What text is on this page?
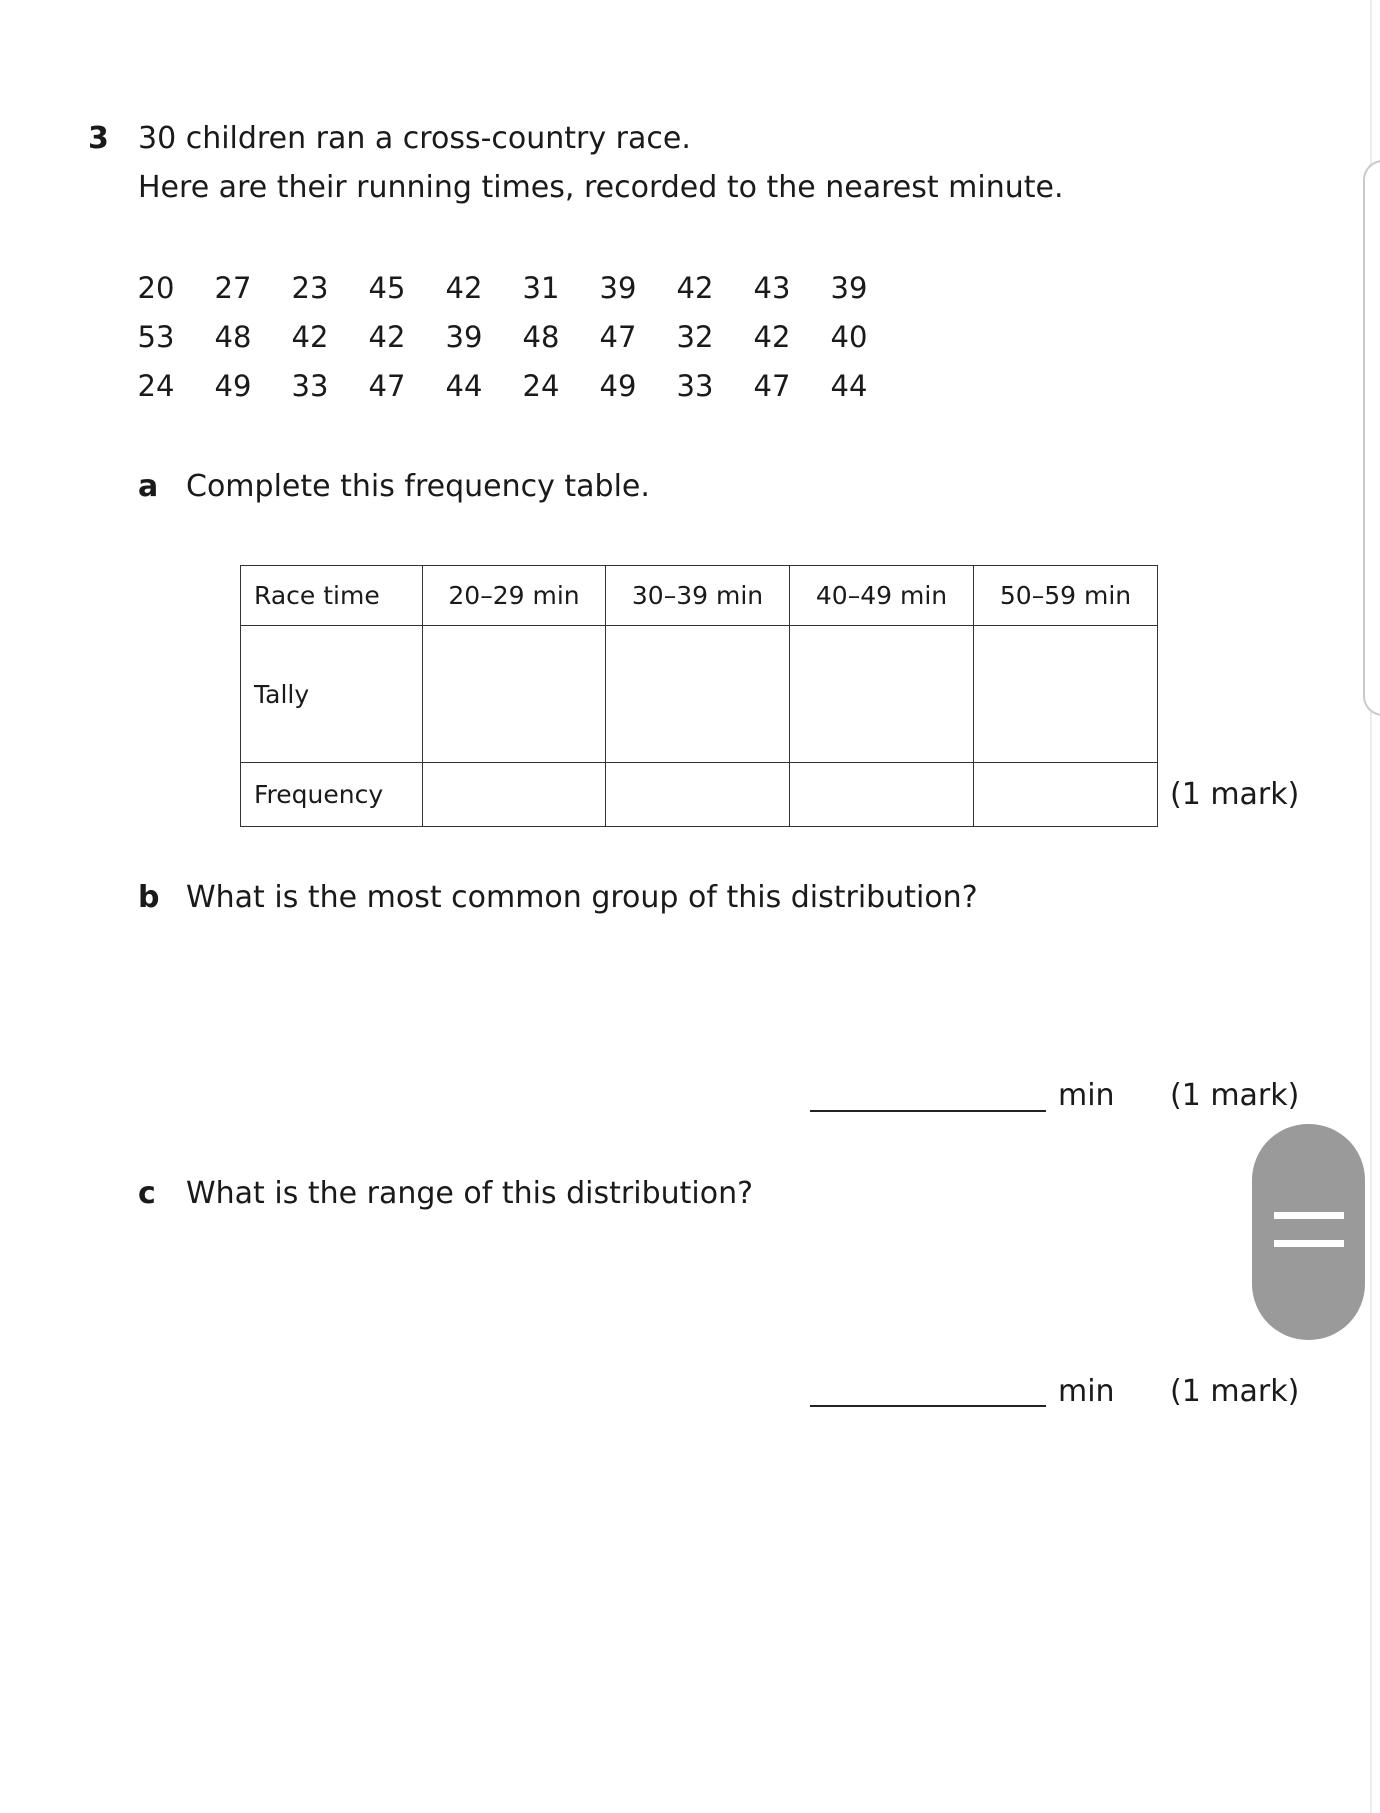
3 30 children ran a cross-country race.
Here are their running times, recorded to the nearest minute.
20	27	23	45	42	31	39	42	43	39
53	48	42	42	39	48	47	32	42	40
24	49	33	47	44	24	49	33	47	44
a Complete this frequency table.
Race time	20–29 min	30–39 min	40–49 min	50–59 min
Tally				
Frequency					(1 mark)
b What is the most common group of this distribution?
min (1 mark)
c What is the range of this distribution?
min (1 mark)
